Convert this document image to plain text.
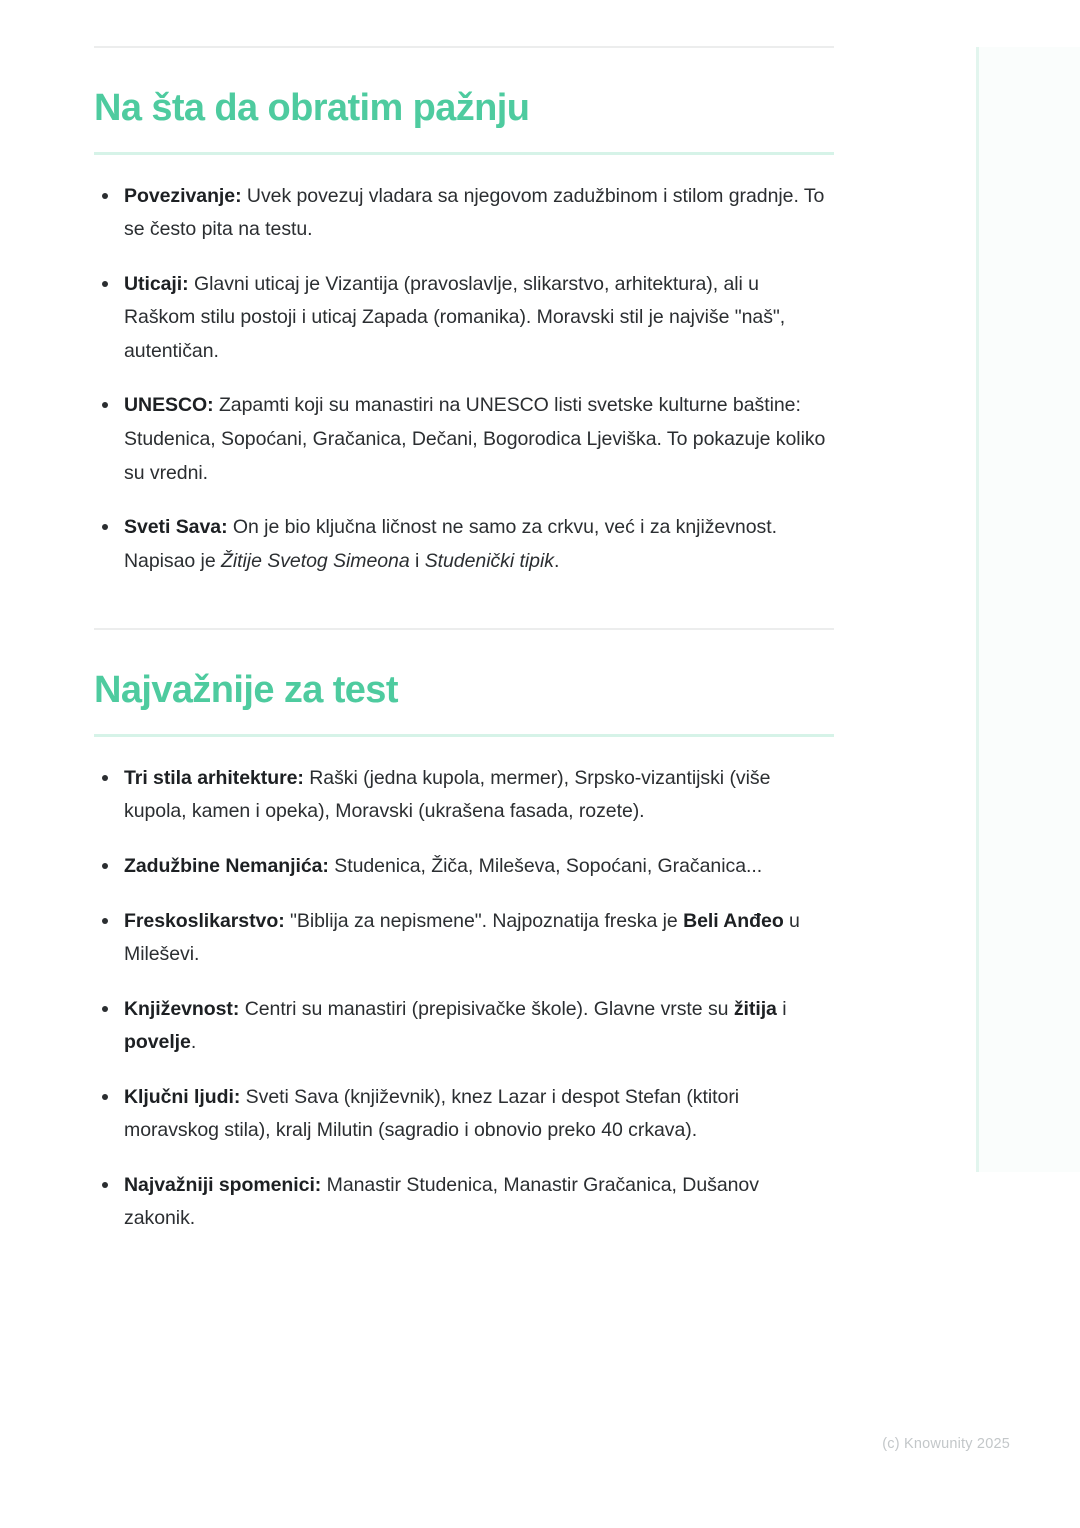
Na šta da obratim pažnju
Povezivanje: Uvek povezuj vladara sa njegovom zadužbinom i stilom gradnje. To se često pita na testu.
Uticaji: Glavni uticaj je Vizantija (pravoslavlje, slikarstvo, arhitektura), ali u Raškom stilu postoji i uticaj Zapada (romanika). Moravski stil je najviše "naš", autentičan.
UNESCO: Zapamti koji su manastiri na UNESCO listi svetske kulturne baštine: Studenica, Sopoćani, Gračanica, Dečani, Bogorodica Ljeviška. To pokazuje koliko su vredni.
Sveti Sava: On je bio ključna ličnost ne samo za crkvu, već i za književnost. Napisao je Žitije Svetog Simeona i Studenički tipik.
Najvažnije za test
Tri stila arhitekture: Raški (jedna kupola, mermer), Srpsko-vizantijski (više kupola, kamen i opeka), Moravski (ukrašena fasada, rozete).
Zadužbine Nemanjića: Studenica, Žiča, Mileševa, Sopoćani, Gračanica...
Freskoslikarstvo: "Biblija za nepismene". Najpoznatija freska je Beli Anđeo u Mileševi.
Književnost: Centri su manastiri (prepisivačke škole). Glavne vrste su žitija i povelje.
Ključni ljudi: Sveti Sava (književnik), knez Lazar i despot Stefan (ktitori moravskog stila), kralj Milutin (sagradio i obnovio preko 40 crkava).
Najvažniji spomenici: Manastir Studenica, Manastir Gračanica, Dušanov zakonik.
(c) Knowunity 2025
